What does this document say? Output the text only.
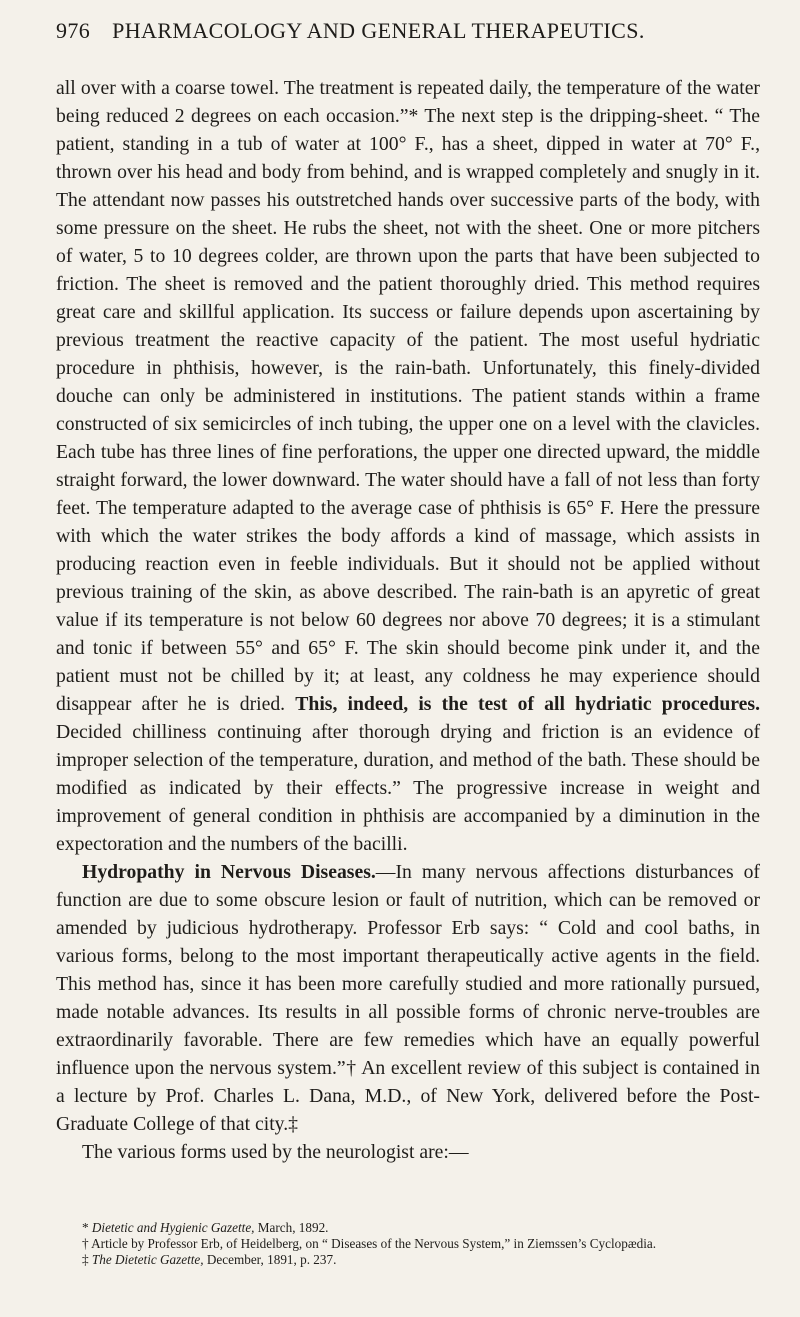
976 PHARMACOLOGY AND GENERAL THERAPEUTICS.

all over with a coarse towel. The treatment is repeated daily, the temperature of the water being reduced 2 degrees on each occasion.”* The next step is the dripping-sheet. “ The patient, standing in a tub of water at 100° F., has a sheet, dipped in water at 70° F., thrown over his head and body from behind, and is wrapped completely and snugly in it. The attendant now passes his outstretched hands over successive parts of the body, with some pressure on the sheet. He rubs the sheet, not with the sheet. One or more pitchers of water, 5 to 10 degrees colder, are thrown upon the parts that have been subjected to friction. The sheet is removed and the patient thoroughly dried. This method requires great care and skillful application. Its success or failure depends upon ascertaining by previous treatment the reactive capacity of the patient. The most useful hydriatic procedure in phthisis, however, is the rain-bath. Unfortunately, this finely-divided douche can only be administered in institutions. The patient stands within a frame constructed of six semicircles of inch tubing, the upper one on a level with the clavicles. Each tube has three lines of fine perforations, the upper one directed upward, the middle straight forward, the lower downward. The water should have a fall of not less than forty feet. The temperature adapted to the average case of phthisis is 65° F. Here the pressure with which the water strikes the body affords a kind of massage, which assists in producing reaction even in feeble individuals. But it should not be applied without previous training of the skin, as above described. The rain-bath is an apyretic of great value if its temperature is not below 60 degrees nor above 70 degrees; it is a stimulant and tonic if between 55° and 65° F. The skin should become pink under it, and the patient must not be chilled by it; at least, any coldness he may experience should disappear after he is dried. This, indeed, is the test of all hydriatic procedures. Decided chilliness continuing after thorough drying and friction is an evidence of improper selection of the temperature, duration, and method of the bath. These should be modified as indicated by their effects.” The progressive increase in weight and improvement of general condition in phthisis are accompanied by a diminution in the expectoration and the numbers of the bacilli.

Hydropathy in Nervous Diseases.—In many nervous affections disturbances of function are due to some obscure lesion or fault of nutrition, which can be removed or amended by judicious hydrotherapy. Professor Erb says: “ Cold and cool baths, in various forms, belong to the most important therapeutically active agents in the field. This method has, since it has been more carefully studied and more rationally pursued, made notable advances. Its results in all possible forms of chronic nerve-troubles are extraordinarily favorable. There are few remedies which have an equally powerful influence upon the nervous system.”† An excellent review of this subject is contained in a lecture by Prof. Charles L. Dana, M.D., of New York, delivered before the Post-Graduate College of that city.‡

The various forms used by the neurologist are:—

* Dietetic and Hygienic Gazette, March, 1892.

† Article by Professor Erb, of Heidelberg, on “ Diseases of the Nervous System,” in Ziemssen’s Cyclopædia.

‡ The Dietetic Gazette, December, 1891, p. 237.
